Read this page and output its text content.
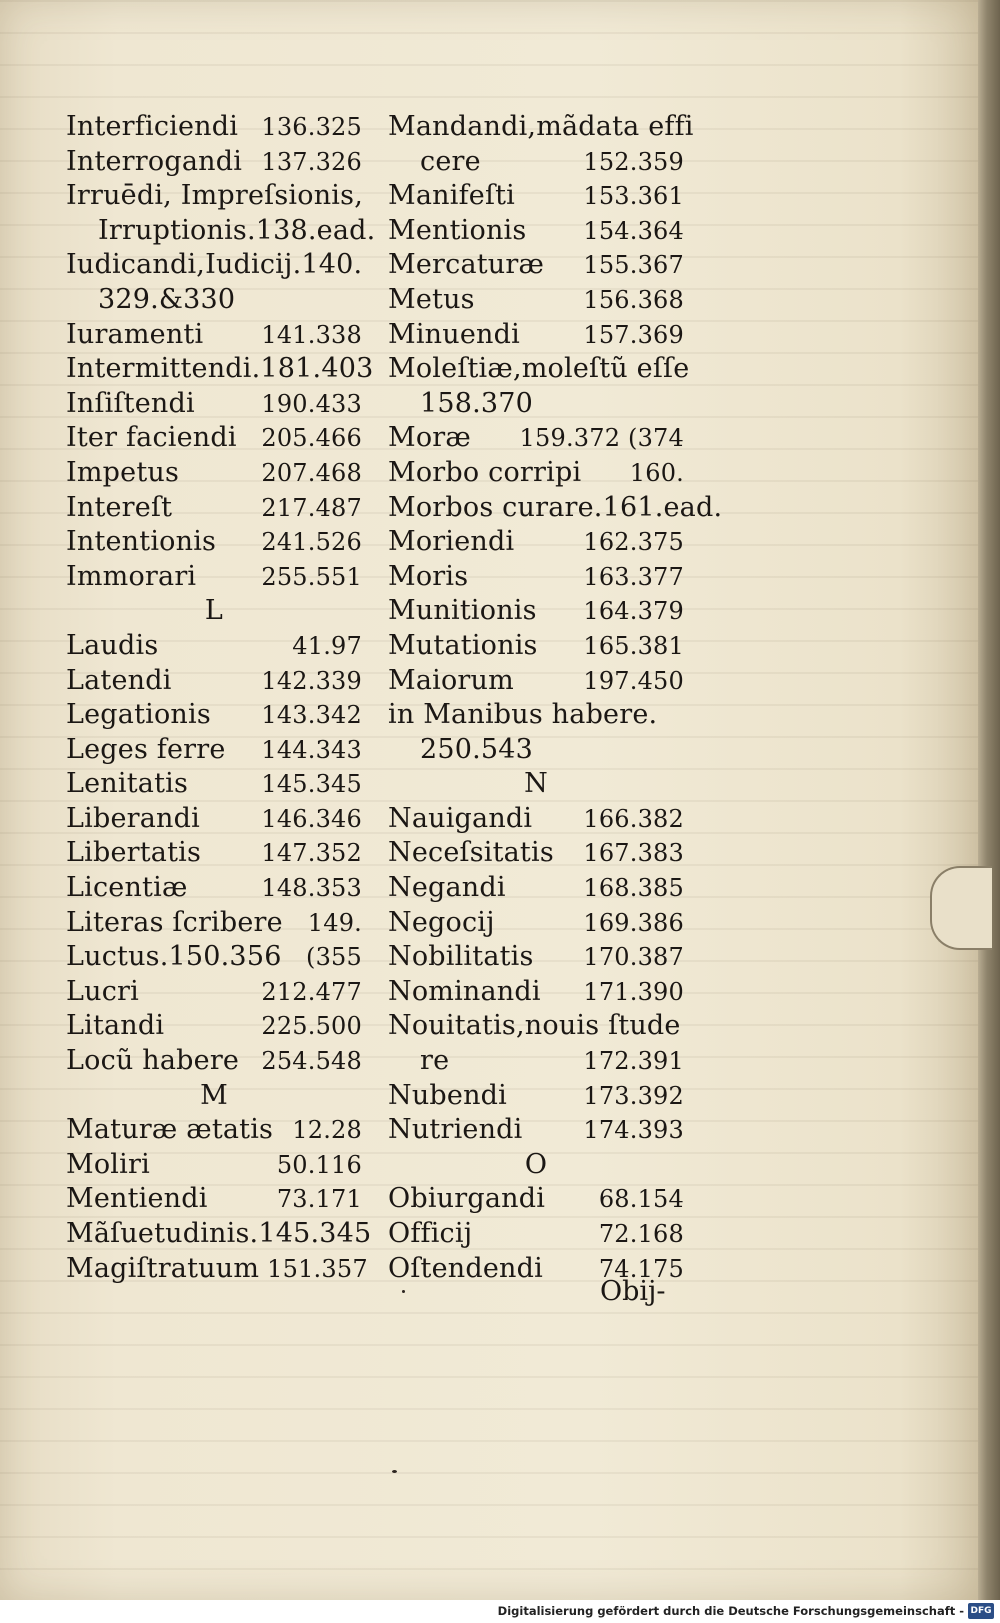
Interficiendi 136.325
Interrogandi 137.326
Irruēdi, Impreſsionis,
Irruptionis.138.ead.
Iudicandi,Iudicij.140.
329.&330
Iuramenti 141.338
Intermittendi.181.403
Inſiſtendi	190.433
Iter faciendi 205.466
Impetus	207.468
Intereſt	217.487
Intentionis 241.526
Immorari	255.551
L
Laudis	41.97
Latendi	142.339
Legationis 143.342
Leges ferre 144.343
Lenitatis	145.345
Liberandi	146.346
Libertatis	147.352
Licentiæ	148.353
Literas ſcribere 149.
Luctus.150.356 (355
Lucri	212.477
Litandi	225.500
Locũ habere 254.548
M
Maturæ ætatis 12.28
Moliri	50.116
Mentiendi	73.171
Mãſuetudinis.145.345
Magiſtratuum 151.357
Mandandi,mãdata effi
cere	152.359
Manifeſti	153.361
Mentionis 154.364
Mercaturæ 155.367
Metus	156.368
Minuendi	157.369
Moleſtiæ,moleſtũ eſſe
158.370
Moræ 159.372 (374
Morbo corripi 160.
Morbos curare.161.ead.
Moriendi	162.375
Moris	163.377
Munitionis 164.379
Mutationis 165.381
Maiorum	197.450
in Manibus habere.
250.543
N
Nauigandi 166.382
Neceſsitatis 167.383
Negandi	168.385
Negocij	169.386
Nobilitatis 170.387
Nominandi 171.390
Nouitatis,nouis ſtude
re	172.391
Nubendi	173.392
Nutriendi	174.393
O
Obiurgandi 68.154
Officij	72.168
Oſtendendi 74.175
Obij-
Digitalisierung gefördert durch die Deutsche Forschungsgemeinschaft - DFG
